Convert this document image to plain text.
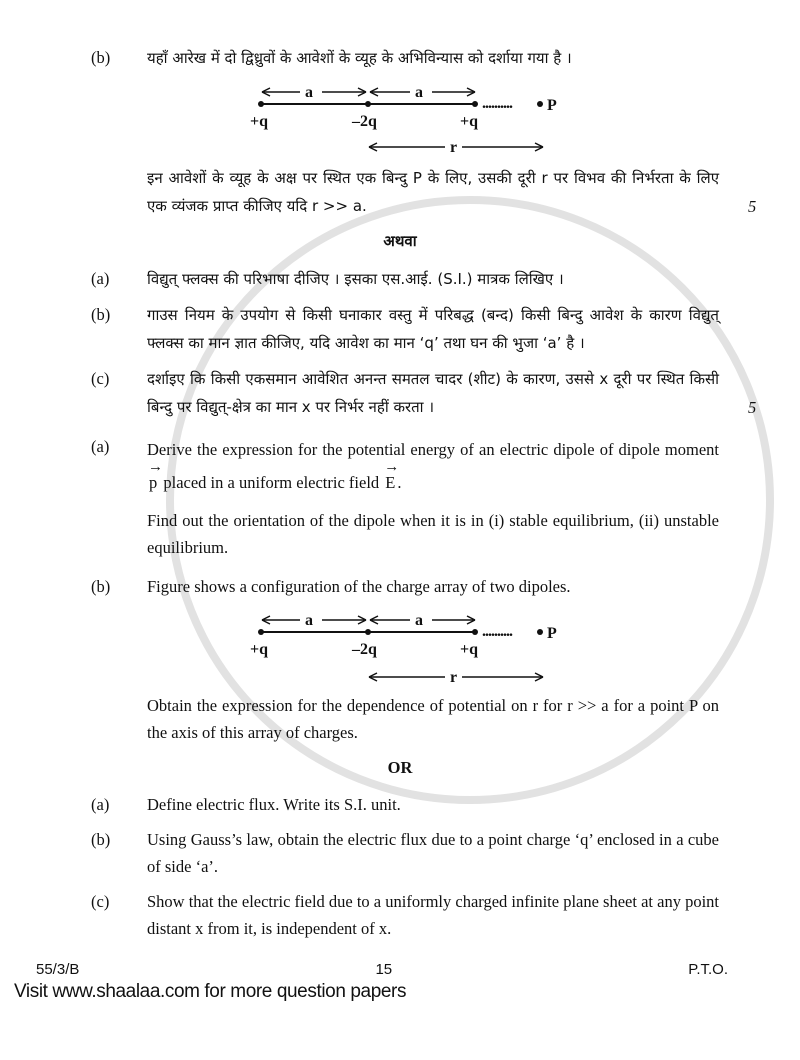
(b)	यहाँ आरेख में दो द्विध्रुवों के आवेशों के व्यूह के अभिविन्यास को दर्शाया गया है ।
a	a
.......... P
+q	–2q	+q
r
इन आवेशों के व्यूह के अक्ष पर स्थित एक बिन्दु P के लिए, उसकी दूरी r पर विभव की निर्भरता के लिए एक व्यंजक प्राप्त कीजिए यदि r >> a.	5
अथवा
(a)	विद्युत् फ्लक्स की परिभाषा दीजिए । इसका एस.आई. (S.I.) मात्रक लिखिए ।
(b)	गाउस नियम के उपयोग से किसी घनाकार वस्तु में परिबद्ध (बन्द) किसी बिन्दु आवेश के कारण विद्युत् फ्लक्स का मान ज्ञात कीजिए, यदि आवेश का मान ‘q’ तथा घन की भुजा ‘a’ है ।
(c)	दर्शाइए कि किसी एकसमान आवेशित अनन्त समतल चादर (शीट) के कारण, उससे x दूरी पर स्थित किसी बिन्दु पर विद्युत्-क्षेत्र का मान x पर निर्भर नहीं करता ।	5
(a)	Derive the expression for the potential energy of an electric dipole of dipole moment → p placed in a uniform electric field → E .
Find out the orientation of the dipole when it is in (i) stable equilibrium, (ii) unstable equilibrium.
(b)	Figure shows a configuration of the charge array of two dipoles.
a	a
.......... P
+q	–2q	+q
r
Obtain the expression for the dependence of potential on r for r >> a for a point P on the axis of this array of charges.
OR
(a)	Define electric flux. Write its S.I. unit.
(b)	Using Gauss’s law, obtain the electric flux due to a point charge ‘q’ enclosed in a cube of side ‘a’.
(c)	Show that the electric field due to a uniformly charged infinite plane sheet at any point distant x from it, is independent of x.
55/3/B	15	P.T.O.
Visit www.shaalaa.com for more question papers
